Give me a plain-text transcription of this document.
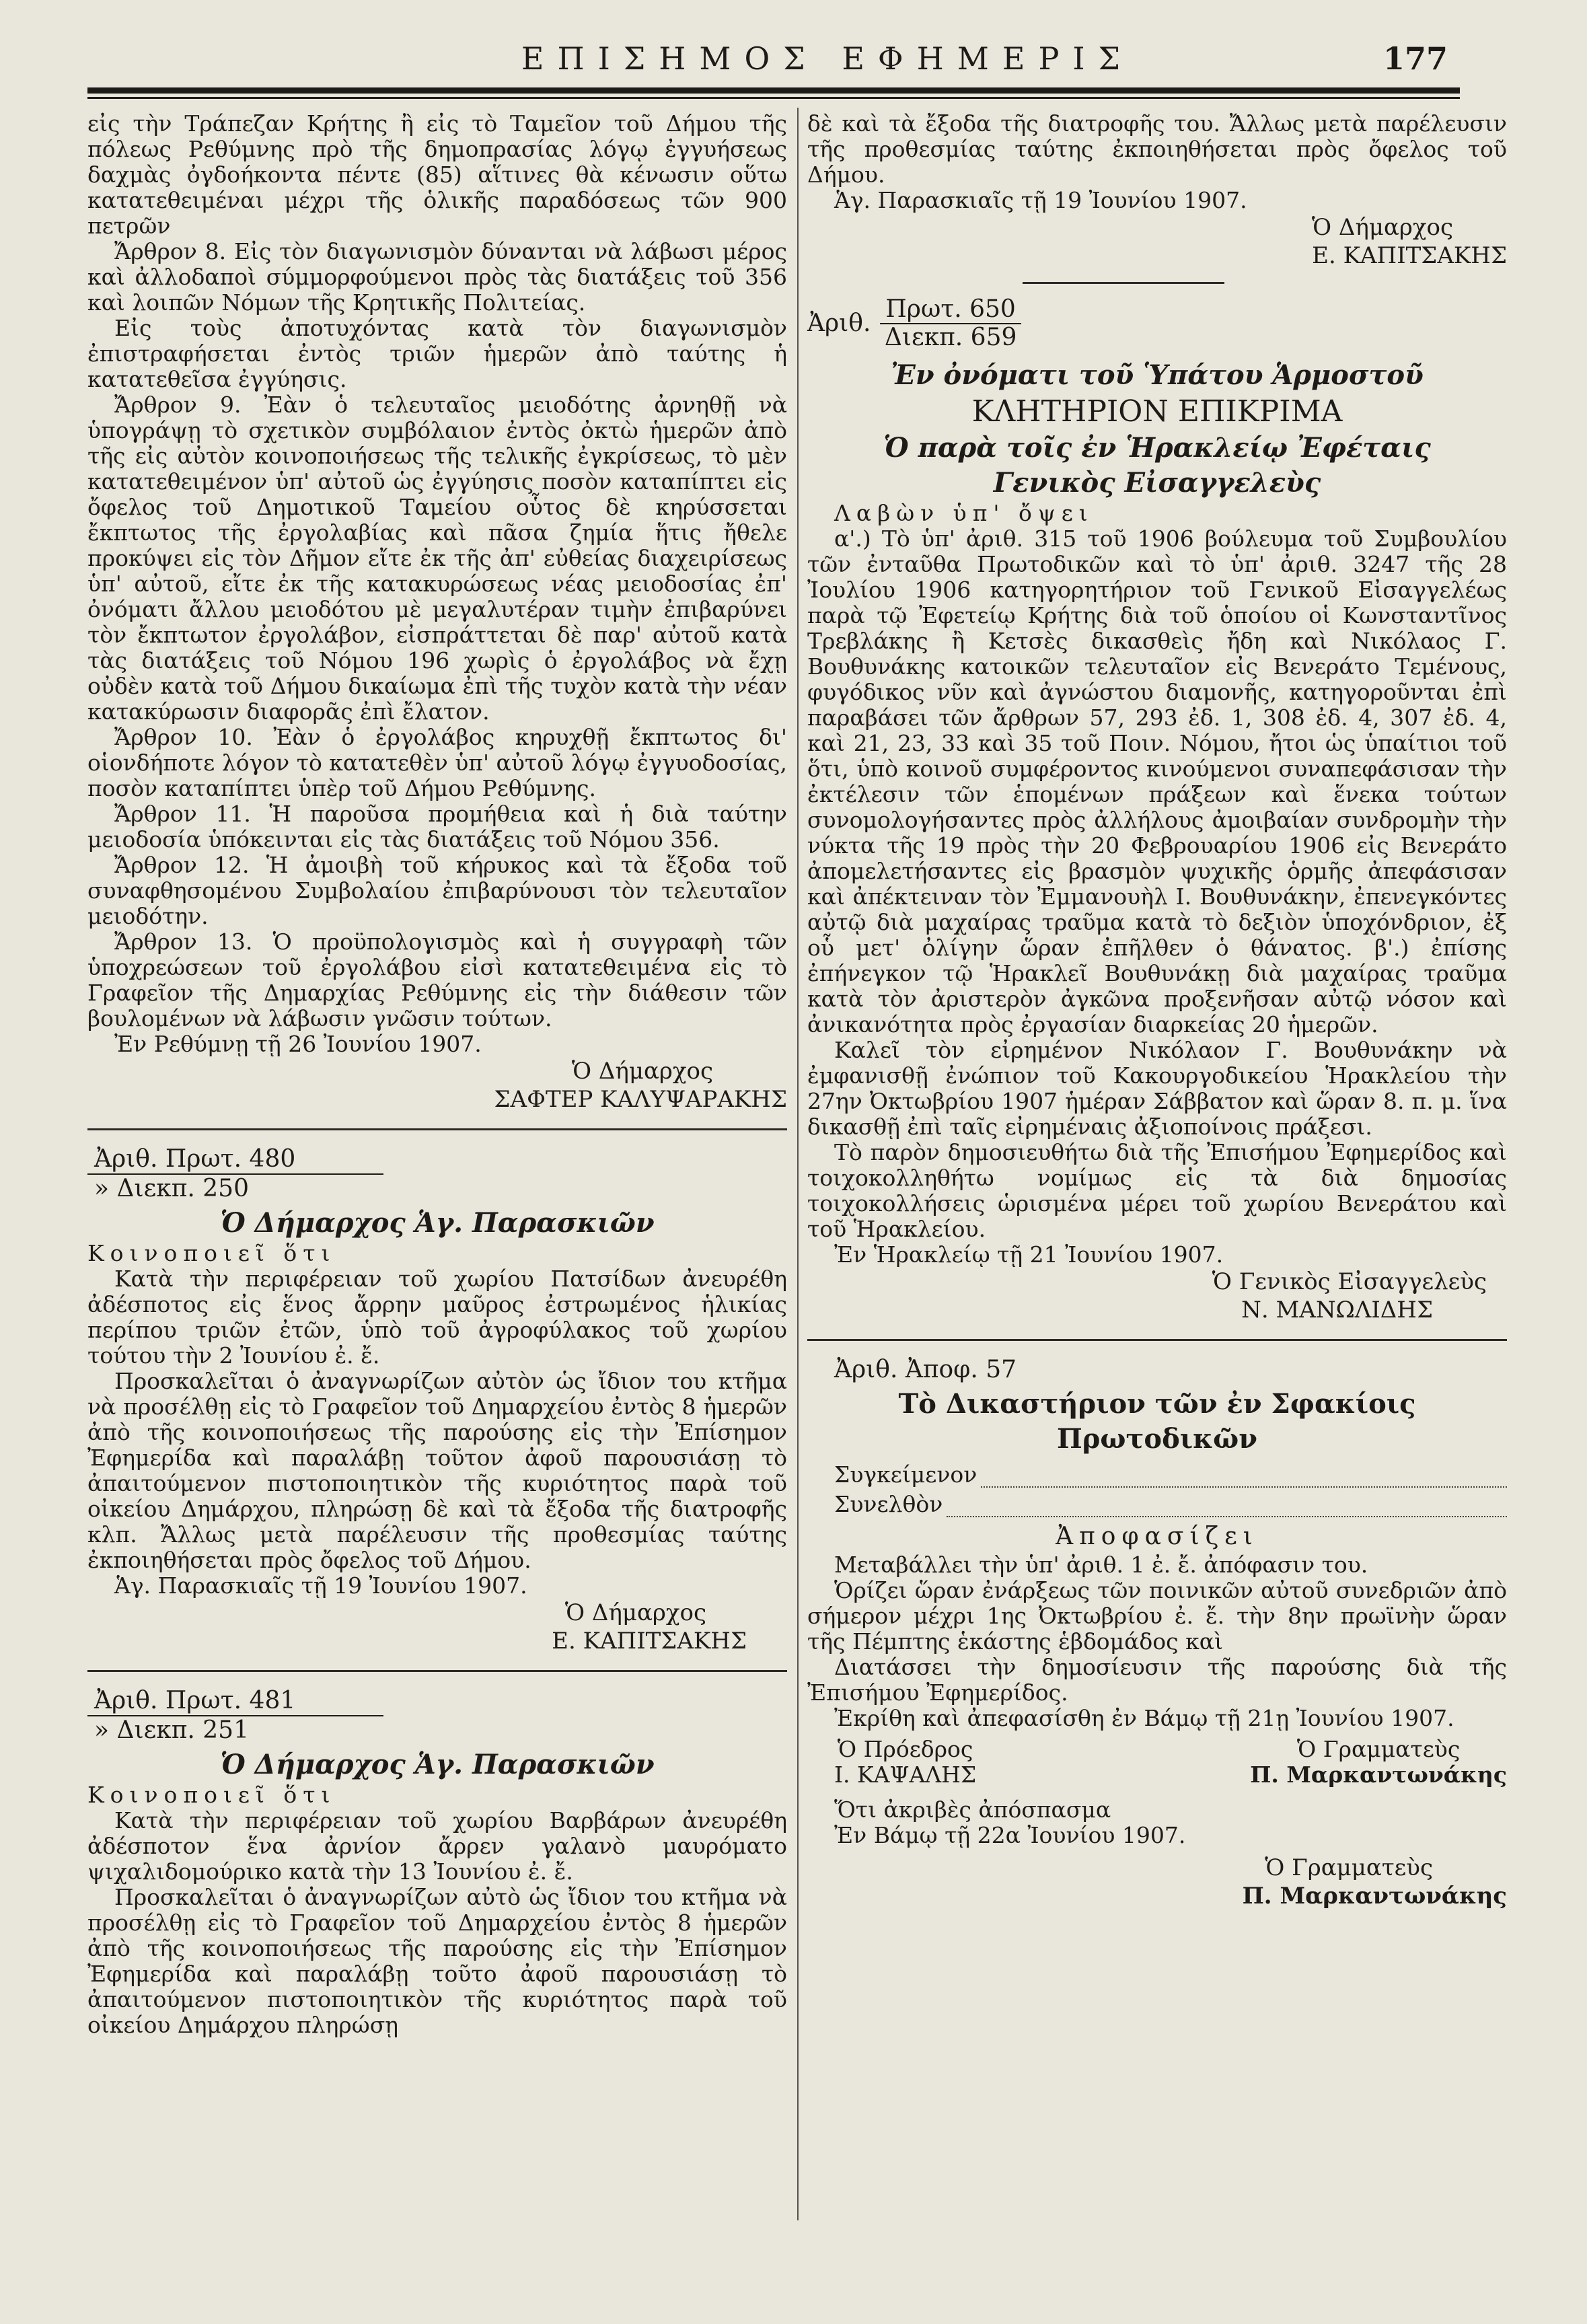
ΕΠΙΣΗΜΟΣ ΕΦΗΜΕΡΙΣ	177

εἰς τὴν Τράπεζαν Κρήτης ἢ εἰς τὸ Ταμεῖον τοῦ Δήμου τῆς πόλεως Ρεθύμνης πρὸ τῆς δημοπρασίας λόγῳ ἐγγυήσεως δαχμὰς ὀγδοήκοντα πέντε (85) αἵτινες θὰ κένωσιν οὕτω κατατεθειμέναι μέχρι τῆς ὁλικῆς παραδόσεως τῶν 900 πετρῶν

Ἄρθρον 8. Εἰς τὸν διαγωνισμὸν δύνανται νὰ λάβωσι μέρος καὶ ἀλλοδαποὶ σύμμορφούμενοι πρὸς τὰς διατάξεις τοῦ 356 καὶ λοιπῶν Νόμων τῆς Κρητικῆς Πολιτείας.

Εἰς τοὺς ἀποτυχόντας κατὰ τὸν διαγωνισμὸν ἐπιστραφήσεται ἐντὸς τριῶν ἡμερῶν ἀπὸ ταύτης ἡ κατατεθεῖσα ἐγγύησις.

Ἄρθρον 9. Ἐὰν ὁ τελευταῖος μειοδότης ἀρνηθῇ νὰ ὑπογράψῃ τὸ σχετικὸν συμβόλαιον ἐντὸς ὀκτὼ ἡμερῶν ἀπὸ τῆς εἰς αὐτὸν κοινοποιήσεως τῆς τελικῆς ἐγκρίσεως, τὸ μὲν κατατεθειμένον ὑπ' αὐτοῦ ὡς ἐγγύησις ποσὸν καταπίπτει εἰς ὄφελος τοῦ Δημοτικοῦ Ταμείου οὗτος δὲ κηρύσσεται ἔκπτωτος τῆς ἐργολαβίας καὶ πᾶσα ζημία ἥτις ἤθελε προκύψει εἰς τὸν Δῆμον εἴτε ἐκ τῆς ἀπ' εὐθείας διαχειρίσεως ὑπ' αὐτοῦ, εἴτε ἐκ τῆς κατακυρώσεως νέας μειοδοσίας ἐπ' ὀνόματι ἄλλου μειοδότου μὲ μεγαλυτέραν τιμὴν ἐπιβαρύνει τὸν ἔκπτωτον ἐργολάβον, εἰσπράττεται δὲ παρ' αὐτοῦ κατὰ τὰς διατάξεις τοῦ Νόμου 196 χωρὶς ὁ ἐργολάβος νὰ ἔχῃ οὐδὲν κατὰ τοῦ Δήμου δικαίωμα ἐπὶ τῆς τυχὸν κατὰ τὴν νέαν κατακύρωσιν διαφορᾶς ἐπὶ ἔλατον.

Ἄρθρον 10. Ἐὰν ὁ ἐργολάβος κηρυχθῇ ἔκπτωτος δι' οἱονδήποτε λόγον τὸ κατατεθὲν ὑπ' αὐτοῦ λόγῳ ἐγγυοδοσίας, ποσὸν καταπίπτει ὑπὲρ τοῦ Δήμου Ρεθύμνης.

Ἄρθρον 11. Ἡ παροῦσα προμήθεια καὶ ἡ διὰ ταύτην μειοδοσία ὑπόκεινται εἰς τὰς διατάξεις τοῦ Νόμου 356.

Ἄρθρον 12. Ἡ ἀμοιβὴ τοῦ κήρυκος καὶ τὰ ἔξοδα τοῦ συναφθησομένου Συμβολαίου ἐπιβαρύνουσι τὸν τελευταῖον μειοδότην.

Ἄρθρον 13. Ὁ προϋπολογισμὸς καὶ ἡ συγγραφὴ τῶν ὑποχρεώσεων τοῦ ἐργολάβου εἰσὶ κατατεθειμένα εἰς τὸ Γραφεῖον τῆς Δημαρχίας Ρεθύμνης εἰς τὴν διάθεσιν τῶν βουλομένων νὰ λάβωσιν γνῶσιν τούτων.

Ἐν Ρεθύμνῃ τῇ 26 Ἰουνίου 1907.

Ὁ Δήμαρχος
ΣΑΦΤΕΡ ΚΑΛΥΨΑΡΑΚΗΣ
Ἀριθ. Πρωτ. 480
» Διεκπ. 250
Ὁ Δήμαρχος Ἁγ. Παρασκιῶν

Κοινοποιεῖ ὅτι

Κατὰ τὴν περιφέρειαν τοῦ χωρίου Πατσίδων ἀνευρέθη ἀδέσποτος εἰς ἕνος ἄρρην μαῦρος ἐστρωμένος ἡλικίας περίπου τριῶν ἐτῶν, ὑπὸ τοῦ ἀγροφύλακος τοῦ χωρίου τούτου τὴν 2 Ἰουνίου ἐ. ἔ.

Προσκαλεῖται ὁ ἀναγνωρίζων αὐτὸν ὡς ἴδιον του κτῆμα νὰ προσέλθῃ εἰς τὸ Γραφεῖον τοῦ Δημαρχείου ἐντὸς 8 ἡμερῶν ἀπὸ τῆς κοινοποιήσεως τῆς παρούσης εἰς τὴν Ἐπίσημον Ἐφημερίδα καὶ παραλάβῃ τοῦτον ἀφοῦ παρουσιάσῃ τὸ ἀπαιτούμενον πιστοποιητικὸν τῆς κυριότητος παρὰ τοῦ οἰκείου Δημάρχου, πληρώσῃ δὲ καὶ τὰ ἔξοδα τῆς διατροφῆς κλπ. Ἄλλως μετὰ παρέλευσιν τῆς προθεσμίας ταύτης ἐκποιηθήσεται πρὸς ὄφελος τοῦ Δήμου.

Ἁγ. Παρασκιαῖς τῇ 19 Ἰουνίου 1907.

Ὁ Δήμαρχος
Ε. ΚΑΠΙΤΣΑΚΗΣ
Ἀριθ. Πρωτ. 481
» Διεκπ. 251
Ὁ Δήμαρχος Ἁγ. Παρασκιῶν

Κοινοποιεῖ ὅτι

Κατὰ τὴν περιφέρειαν τοῦ χωρίου Βαρβάρων ἀνευρέθη ἀδέσποτον ἕνα ἀρνίον ἄρρεν γαλανὸ μαυρόματο ψιχαλιδομούρικο κατὰ τὴν 13 Ἰουνίου ἐ. ἔ.

Προσκαλεῖται ὁ ἀναγνωρίζων αὐτὸ ὡς ἴδιον του κτῆμα νὰ προσέλθῃ εἰς τὸ Γραφεῖον τοῦ Δημαρχείου ἐντὸς 8 ἡμερῶν ἀπὸ τῆς κοινοποιήσεως τῆς παρούσης εἰς τὴν Ἐπίσημον Ἐφημερίδα καὶ παραλάβῃ τοῦτο ἀφοῦ παρουσιάσῃ τὸ ἀπαιτούμενον πιστοποιητικὸν τῆς κυριότητος παρὰ τοῦ οἰκείου Δημάρχου πληρώσῃ

δὲ καὶ τὰ ἔξοδα τῆς διατροφῆς του. Ἄλλως μετὰ παρέλευσιν τῆς προθεσμίας ταύτης ἐκποιηθήσεται πρὸς ὄφελος τοῦ Δήμου.

Ἁγ. Παρασκιαῖς τῇ 19 Ἰουνίου 1907.

Ὁ Δήμαρχος
Ε. ΚΑΠΙΤΣΑΚΗΣ
Ἀριθ. $\frac{\text{Πρωτ. 650}}{\text{Διεκπ. 659}}$
Ἐν ὀνόματι τοῦ Ὑπάτου Ἁρμοστοῦ
ΚΛΗΤΗΡΙΟΝ ΕΠΙΚΡΙΜΑ
Ὁ παρὰ τοῖς ἐν Ἡρακλείῳ Ἐφέταις
Γενικὸς Εἰσαγγελεὺς

Λαβὼν ὑπ' ὄψει

α'.) Τὸ ὑπ' ἀριθ. 315 τοῦ 1906 βούλευμα τοῦ Συμβουλίου τῶν ἐνταῦθα Πρωτοδικῶν καὶ τὸ ὑπ' ἀριθ. 3247 τῆς 28 Ἰουλίου 1906 κατηγορητήριον τοῦ Γενικοῦ Εἰσαγγελέως παρὰ τῷ Ἐφετείῳ Κρήτης διὰ τοῦ ὁποίου οἱ Κωνσταντῖνος Τρεβλάκης ἢ Κετσὲς δικασθεὶς ἤδη καὶ Νικόλαος Γ. Βουθυνάκης κατοικῶν τελευταῖον εἰς Βενεράτο Τεμένους, φυγόδικος νῦν καὶ ἀγνώστου διαμονῆς, κατηγοροῦνται ἐπὶ παραβάσει τῶν ἄρθρων 57, 293 ἐδ. 1, 308 ἐδ. 4, 307 ἐδ. 4, καὶ 21, 23, 33 καὶ 35 τοῦ Ποιν. Νόμου, ἤτοι ὡς ὑπαίτιοι τοῦ ὅτι, ὑπὸ κοινοῦ συμφέροντος κινούμενοι συναπεφάσισαν τὴν ἐκτέλεσιν τῶν ἑπομένων πράξεων καὶ ἕνεκα τούτων συνομολογήσαντες πρὸς ἀλλήλους ἀμοιβαίαν συνδρομὴν τὴν νύκτα τῆς 19 πρὸς τὴν 20 Φεβρουαρίου 1906 εἰς Βενεράτο ἀπομελετήσαντες εἰς βρασμὸν ψυχικῆς ὁρμῆς ἀπεφάσισαν καὶ ἀπέκτειναν τὸν Ἐμμανουὴλ Ι. Βουθυνάκην, ἐπενεγκόντες αὐτῷ διὰ μαχαίρας τραῦμα κατὰ τὸ δεξιὸν ὑποχόνδριον, ἐξ οὗ μετ' ὀλίγην ὥραν ἐπῆλθεν ὁ θάνατος. β'.) ἐπίσης ἐπήνεγκον τῷ Ἡρακλεῖ Βουθυνάκῃ διὰ μαχαίρας τραῦμα κατὰ τὸν ἀριστερὸν ἀγκῶνα προξενῆσαν αὐτῷ νόσον καὶ ἀνικανότητα πρὸς ἐργασίαν διαρκείας 20 ἡμερῶν.

Καλεῖ τὸν εἰρημένον Νικόλαον Γ. Βουθυνάκην νὰ ἐμφανισθῇ ἐνώπιον τοῦ Κακουργοδικείου Ἡρακλείου τὴν 27ην Ὀκτωβρίου 1907 ἡμέραν Σάββατον καὶ ὥραν 8. π. μ. ἵνα δικασθῇ ἐπὶ ταῖς εἰρημέναις ἀξιοποίνοις πράξεσι.

Τὸ παρὸν δημοσιευθήτω διὰ τῆς Ἐπισήμου Ἐφημερίδος καὶ τοιχοκολληθήτω νομίμως εἰς τὰ διὰ δημοσίας τοιχοκολλήσεις ὡρισμένα μέρει τοῦ χωρίου Βενεράτου καὶ τοῦ Ἡρακλείου.

Ἐν Ἡρακλείῳ τῇ 21 Ἰουνίου 1907.

Ὁ Γενικὸς Εἰσαγγελεὺς
Ν. ΜΑΝΩΛΙΔΗΣ

Ἀριθ. Ἀποφ. 57

Τὸ Δικαστήριον τῶν ἐν Σφακίοις Πρωτοδικῶν
Συγκείμενον
Συνελθὸν
Ἀποφασίζει

Μεταβάλλει τὴν ὑπ' ἀριθ. 1 ἐ. ἔ. ἀπόφασιν του.

Ὁρίζει ὥραν ἐνάρξεως τῶν ποινικῶν αὐτοῦ συνεδριῶν ἀπὸ σήμερον μέχρι 1ης Ὀκτωβρίου ἐ. ἔ. τὴν 8ην πρωϊνὴν ὥραν τῆς Πέμπτης ἑκάστης ἑβδομάδος καὶ

Διατάσσει τὴν δημοσίευσιν τῆς παρούσης διὰ τῆς Ἐπισήμου Ἐφημερίδος.

Ἐκρίθη καὶ ἀπεφασίσθη ἐν Βάμῳ τῇ 21ῃ Ἰουνίου 1907.

Ὁ Πρόεδρος
Ι. ΚΑΨΑΛΗΣ
Ὁ Γραμματεὺς
Π. Μαρκαντωνάκης

Ὅτι ἀκριβὲς ἀπόσπασμα

Ἐν Βάμῳ τῇ 22α Ἰουνίου 1907.

Ὁ Γραμματεὺς
Π. Μαρκαντωνάκης
